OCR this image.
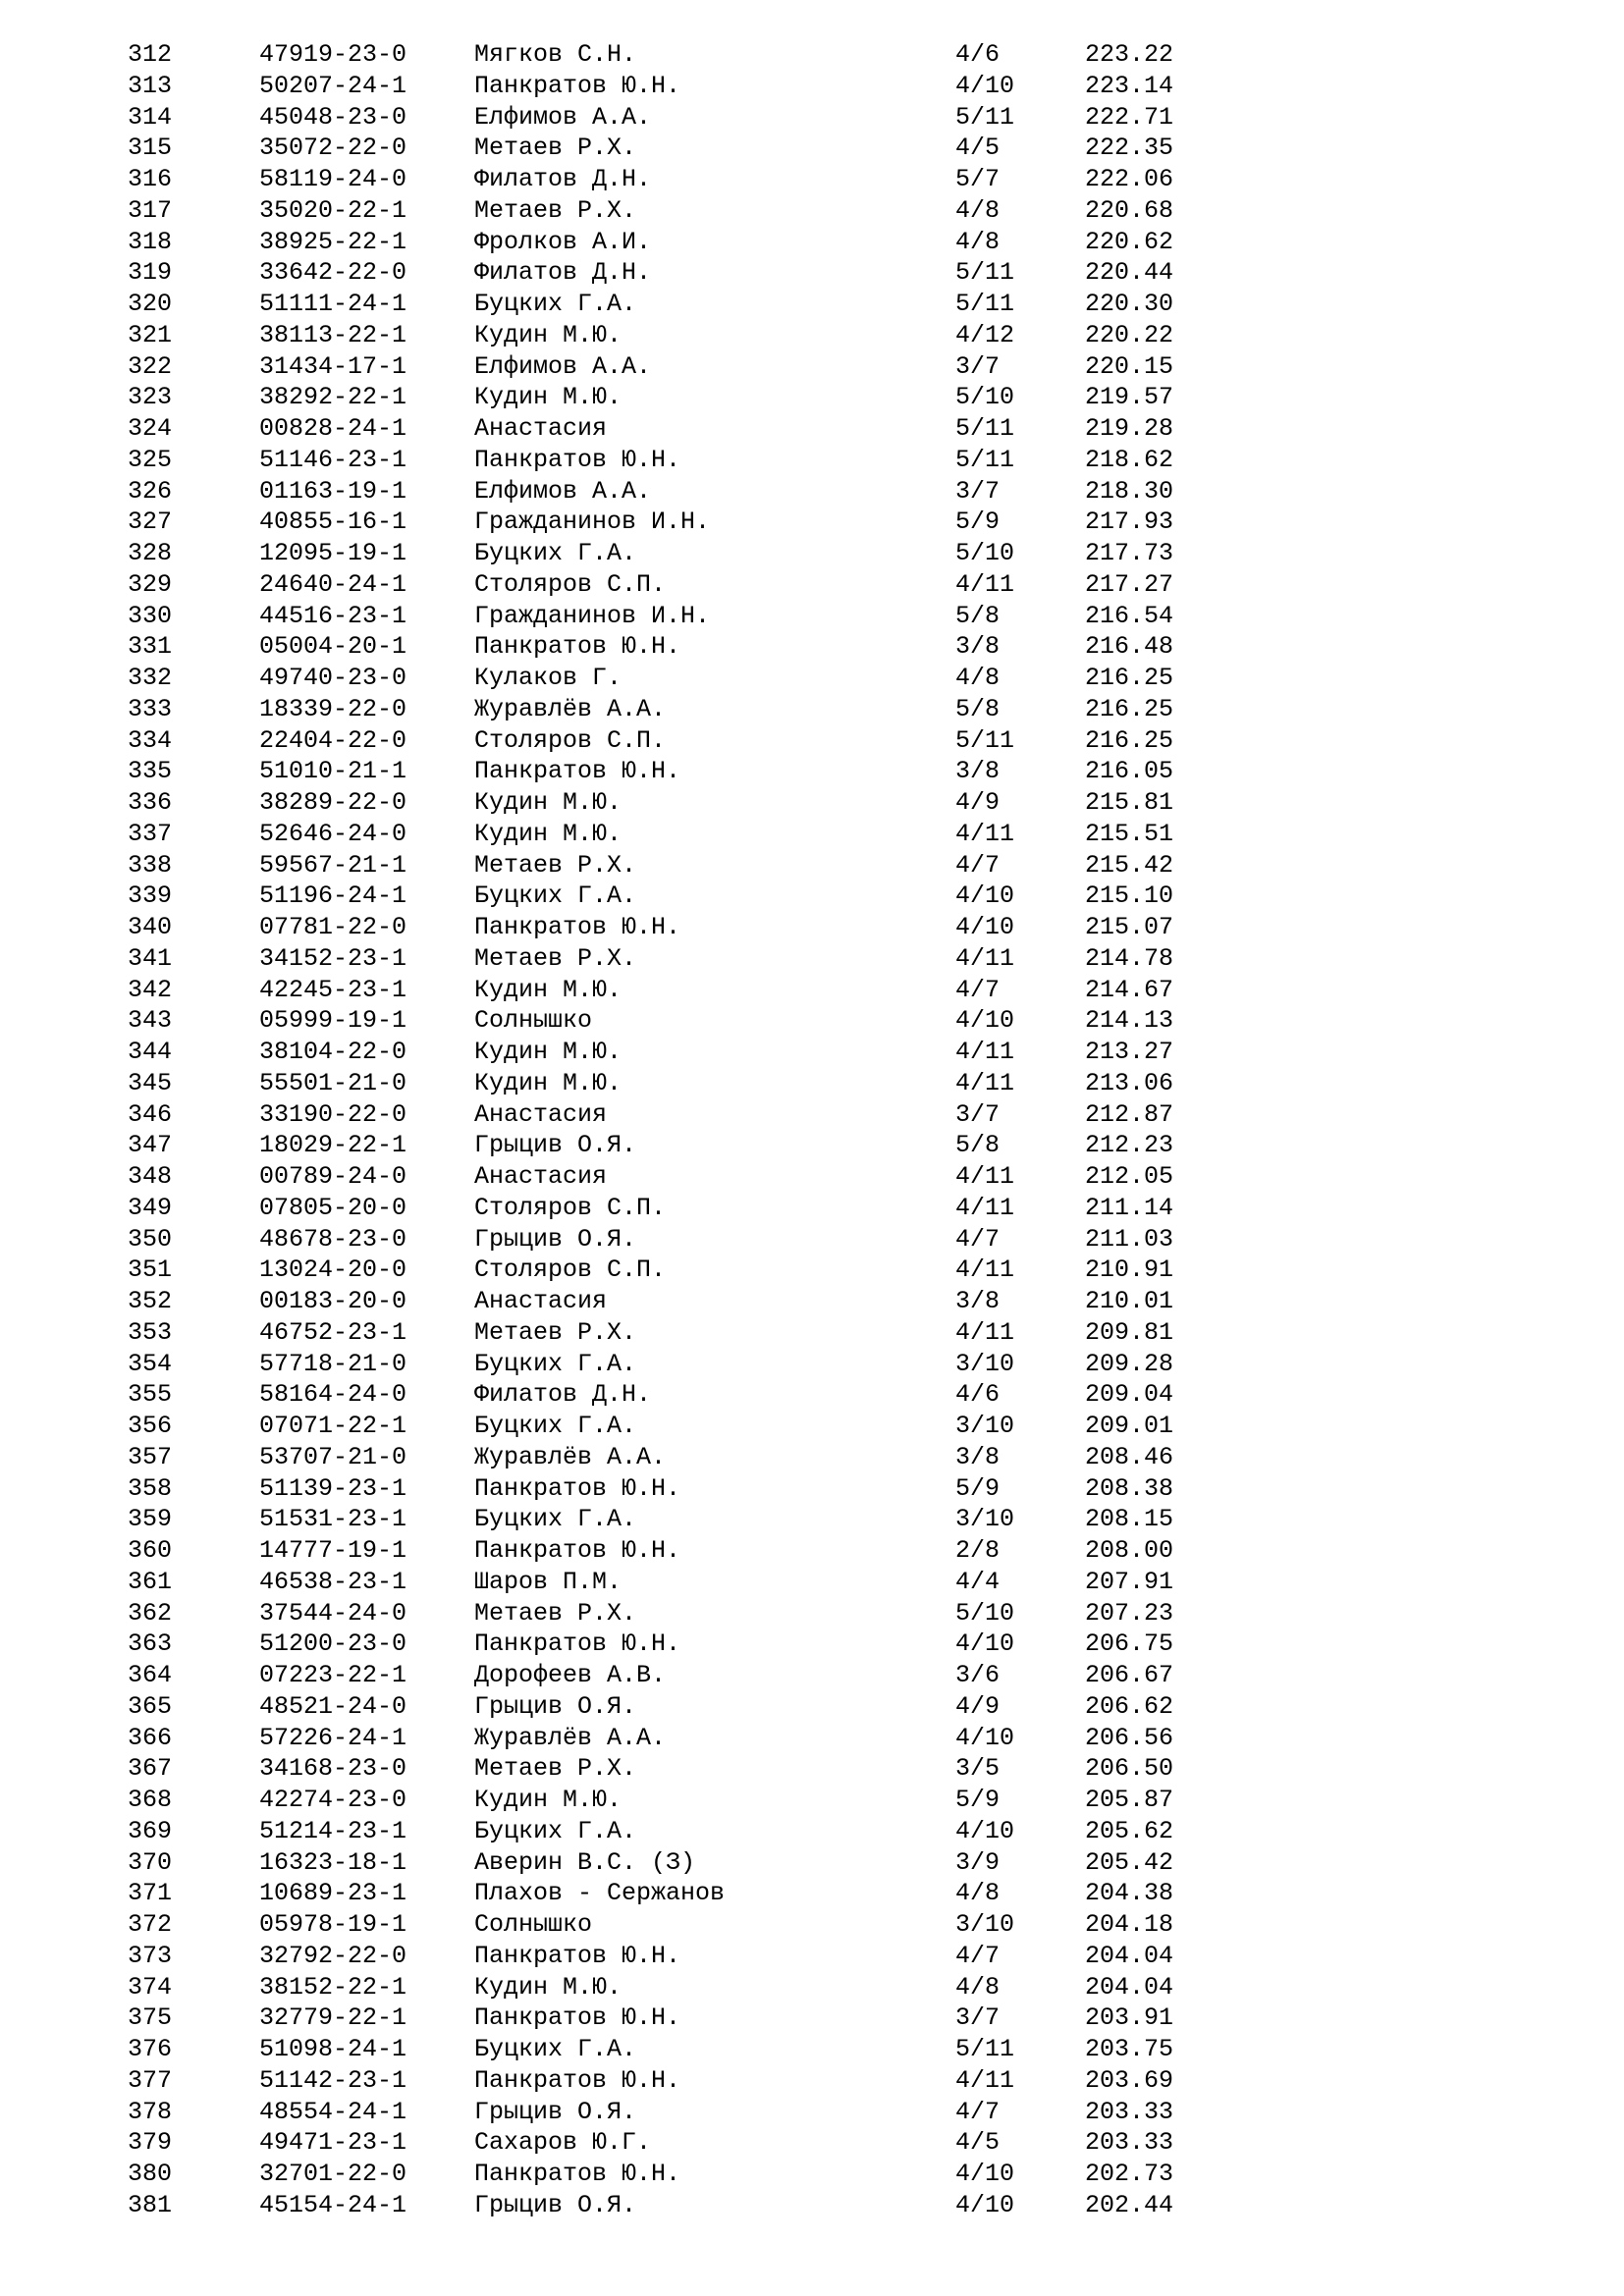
312	47919-23-0	Мягков С.Н.	4/6	223.22
313	50207-24-1	Панкратов Ю.Н.	4/10	223.14
314	45048-23-0	Елфимов А.А.	5/11	222.71
315	35072-22-0	Метаев Р.Х.	4/5	222.35
316	58119-24-0	Филатов Д.Н.	5/7	222.06
317	35020-22-1	Метаев Р.Х.	4/8	220.68
318	38925-22-1	Фролков А.И.	4/8	220.62
319	33642-22-0	Филатов Д.Н.	5/11	220.44
320	51111-24-1	Буцких Г.А.	5/11	220.30
321	38113-22-1	Кудин М.Ю.	4/12	220.22
322	31434-17-1	Елфимов А.А.	3/7	220.15
323	38292-22-1	Кудин М.Ю.	5/10	219.57
324	00828-24-1	Анастасия	5/11	219.28
325	51146-23-1	Панкратов Ю.Н.	5/11	218.62
326	01163-19-1	Елфимов А.А.	3/7	218.30
327	40855-16-1	Гражданинов И.Н.	5/9	217.93
328	12095-19-1	Буцких Г.А.	5/10	217.73
329	24640-24-1	Столяров С.П.	4/11	217.27
330	44516-23-1	Гражданинов И.Н.	5/8	216.54
331	05004-20-1	Панкратов Ю.Н.	3/8	216.48
332	49740-23-0	Кулаков Г.	4/8	216.25
333	18339-22-0	Журавлёв А.А.	5/8	216.25
334	22404-22-0	Столяров С.П.	5/11	216.25
335	51010-21-1	Панкратов Ю.Н.	3/8	216.05
336	38289-22-0	Кудин М.Ю.	4/9	215.81
337	52646-24-0	Кудин М.Ю.	4/11	215.51
338	59567-21-1	Метаев Р.Х.	4/7	215.42
339	51196-24-1	Буцких Г.А.	4/10	215.10
340	07781-22-0	Панкратов Ю.Н.	4/10	215.07
341	34152-23-1	Метаев Р.Х.	4/11	214.78
342	42245-23-1	Кудин М.Ю.	4/7	214.67
343	05999-19-1	Солнышко	4/10	214.13
344	38104-22-0	Кудин М.Ю.	4/11	213.27
345	55501-21-0	Кудин М.Ю.	4/11	213.06
346	33190-22-0	Анастасия	3/7	212.87
347	18029-22-1	Грыцив О.Я.	5/8	212.23
348	00789-24-0	Анастасия	4/11	212.05
349	07805-20-0	Столяров С.П.	4/11	211.14
350	48678-23-0	Грыцив О.Я.	4/7	211.03
351	13024-20-0	Столяров С.П.	4/11	210.91
352	00183-20-0	Анастасия	3/8	210.01
353	46752-23-1	Метаев Р.Х.	4/11	209.81
354	57718-21-0	Буцких Г.А.	3/10	209.28
355	58164-24-0	Филатов Д.Н.	4/6	209.04
356	07071-22-1	Буцких Г.А.	3/10	209.01
357	53707-21-0	Журавлёв А.А.	3/8	208.46
358	51139-23-1	Панкратов Ю.Н.	5/9	208.38
359	51531-23-1	Буцких Г.А.	3/10	208.15
360	14777-19-1	Панкратов Ю.Н.	2/8	208.00
361	46538-23-1	Шаров П.М.	4/4	207.91
362	37544-24-0	Метаев Р.Х.	5/10	207.23
363	51200-23-0	Панкратов Ю.Н.	4/10	206.75
364	07223-22-1	Дорофеев А.В.	3/6	206.67
365	48521-24-0	Грыцив О.Я.	4/9	206.62
366	57226-24-1	Журавлёв А.А.	4/10	206.56
367	34168-23-0	Метаев Р.Х.	3/5	206.50
368	42274-23-0	Кудин М.Ю.	5/9	205.87
369	51214-23-1	Буцких Г.А.	4/10	205.62
370	16323-18-1	Аверин В.С. (З)	3/9	205.42
371	10689-23-1	Плахов - Сержанов	4/8	204.38
372	05978-19-1	Солнышко	3/10	204.18
373	32792-22-0	Панкратов Ю.Н.	4/7	204.04
374	38152-22-1	Кудин М.Ю.	4/8	204.04
375	32779-22-1	Панкратов Ю.Н.	3/7	203.91
376	51098-24-1	Буцких Г.А.	5/11	203.75
377	51142-23-1	Панкратов Ю.Н.	4/11	203.69
378	48554-24-1	Грыцив О.Я.	4/7	203.33
379	49471-23-1	Сахаров Ю.Г.	4/5	203.33
380	32701-22-0	Панкратов Ю.Н.	4/10	202.73
381	45154-24-1	Грыцив О.Я.	4/10	202.44
